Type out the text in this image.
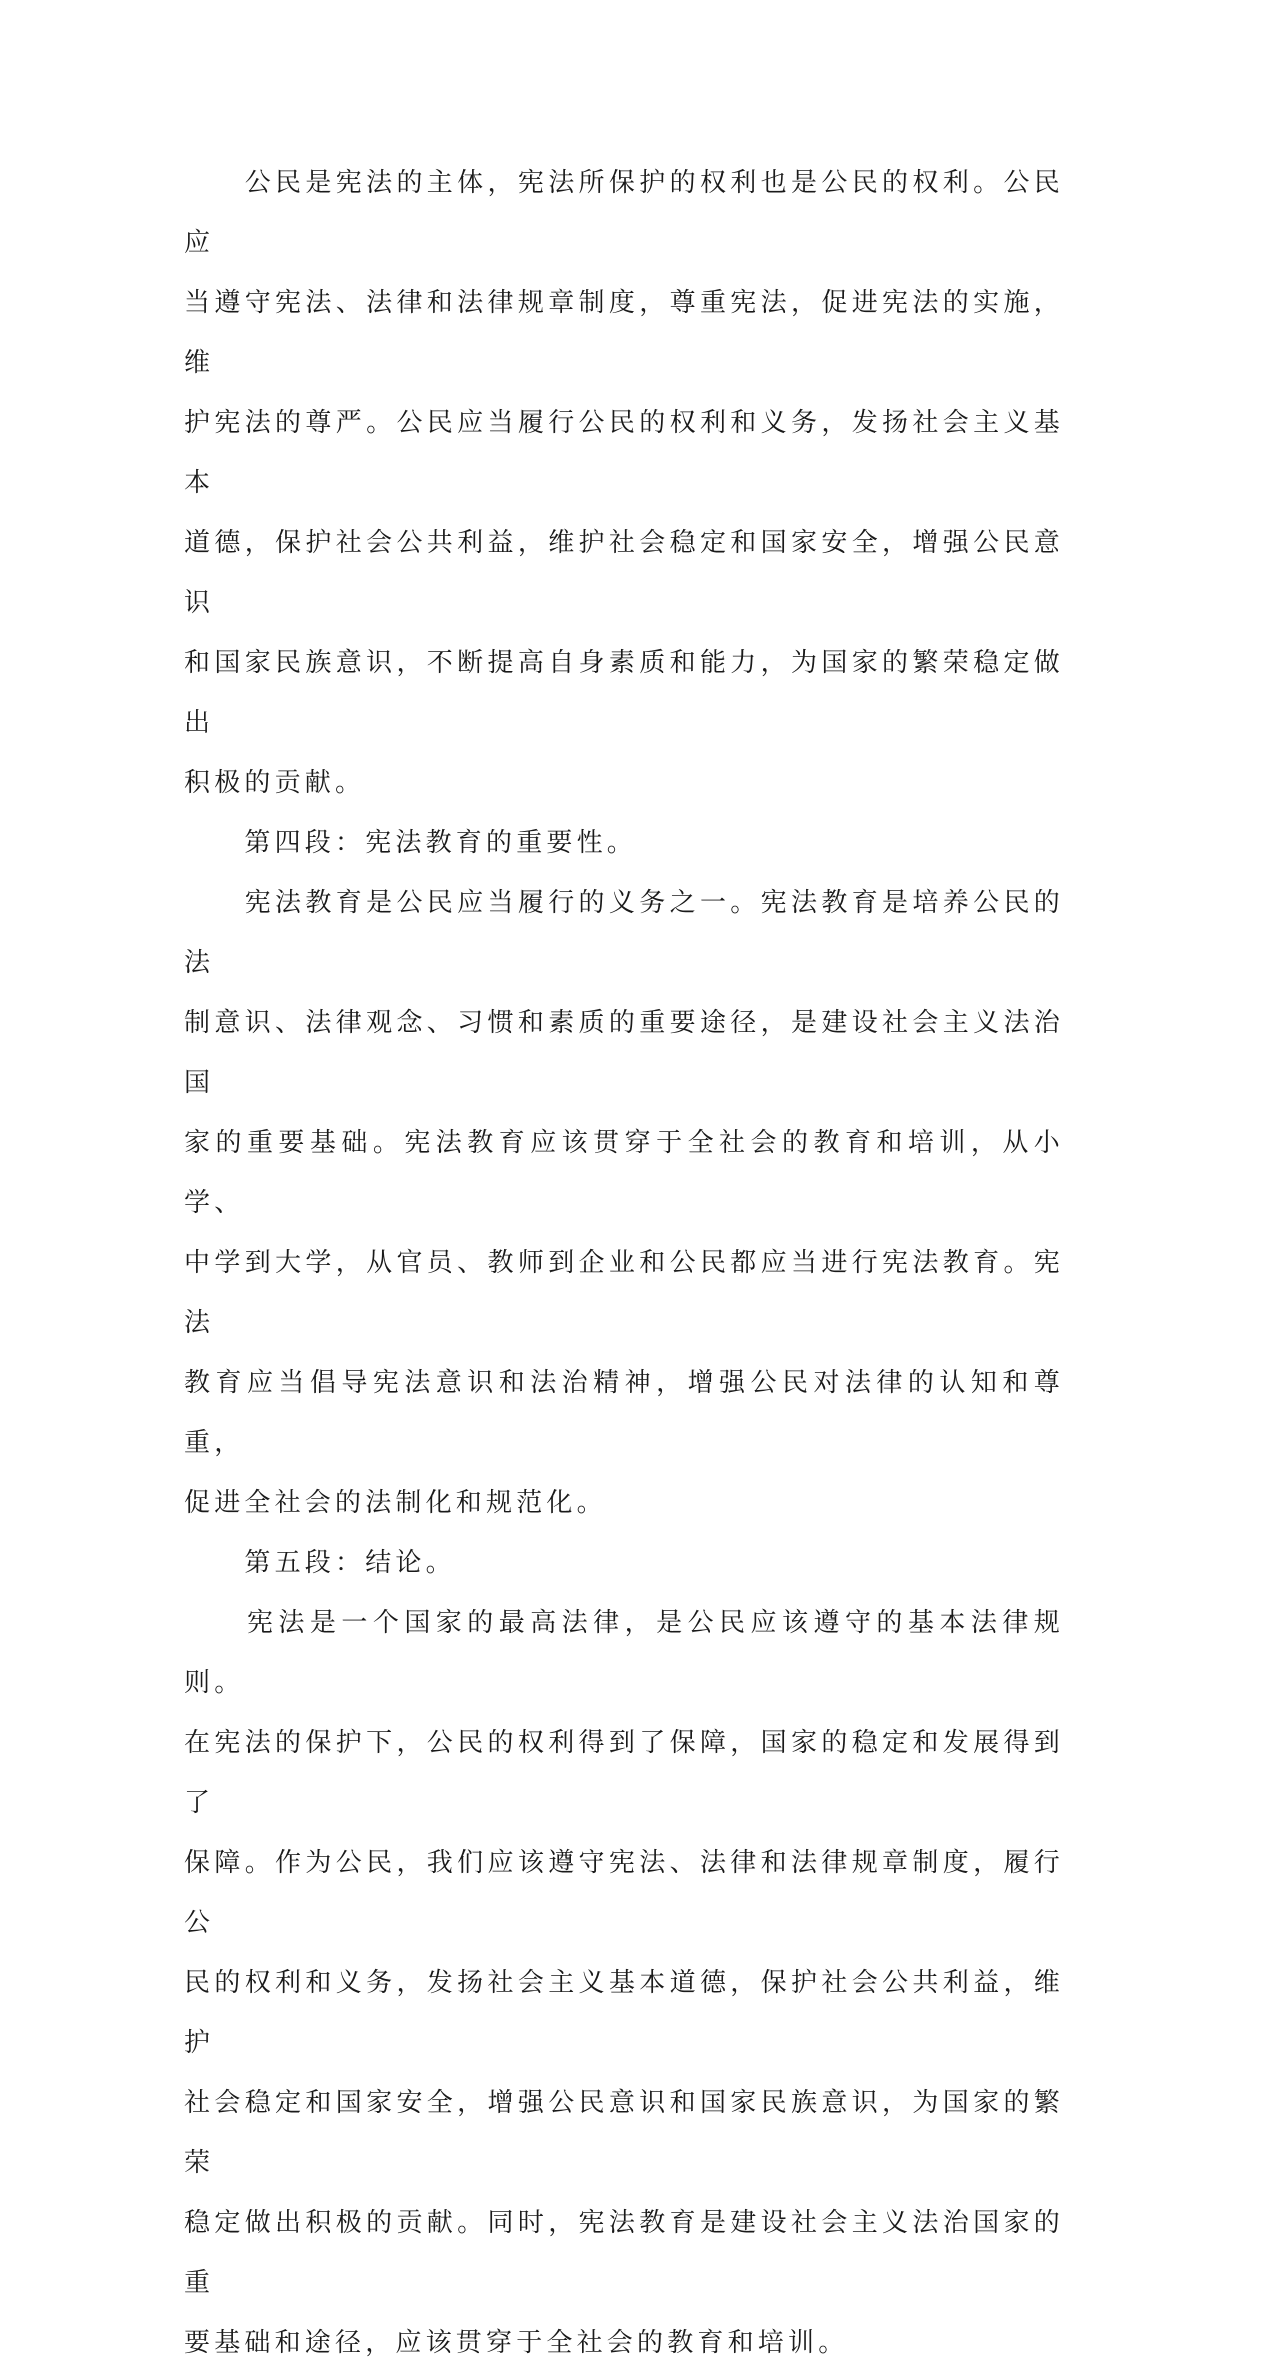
　　公民是宪法的主体，宪法所保护的权利也是公民的权利。公民应
当遵守宪法、法律和法律规章制度，尊重宪法，促进宪法的实施，维
护宪法的尊严。公民应当履行公民的权利和义务，发扬社会主义基本
道德，保护社会公共利益，维护社会稳定和国家安全，增强公民意识
和国家民族意识，不断提高自身素质和能力，为国家的繁荣稳定做出
积极的贡献。
　　第四段：宪法教育的重要性。
　　宪法教育是公民应当履行的义务之一。宪法教育是培养公民的法
制意识、法律观念、习惯和素质的重要途径，是建设社会主义法治国
家的重要基础。宪法教育应该贯穿于全社会的教育和培训，从小学、
中学到大学，从官员、教师到企业和公民都应当进行宪法教育。宪法
教育应当倡导宪法意识和法治精神，增强公民对法律的认知和尊重，
促进全社会的法制化和规范化。
　　第五段：结论。
　　宪法是一个国家的最高法律，是公民应该遵守的基本法律规则。
在宪法的保护下，公民的权利得到了保障，国家的稳定和发展得到了
保障。作为公民，我们应该遵守宪法、法律和法律规章制度，履行公
民的权利和义务，发扬社会主义基本道德，保护社会公共利益，维护
社会稳定和国家安全，增强公民意识和国家民族意识，为国家的繁荣
稳定做出积极的贡献。同时，宪法教育是建设社会主义法治国家的重
要基础和途径，应该贯穿于全社会的教育和培训。
